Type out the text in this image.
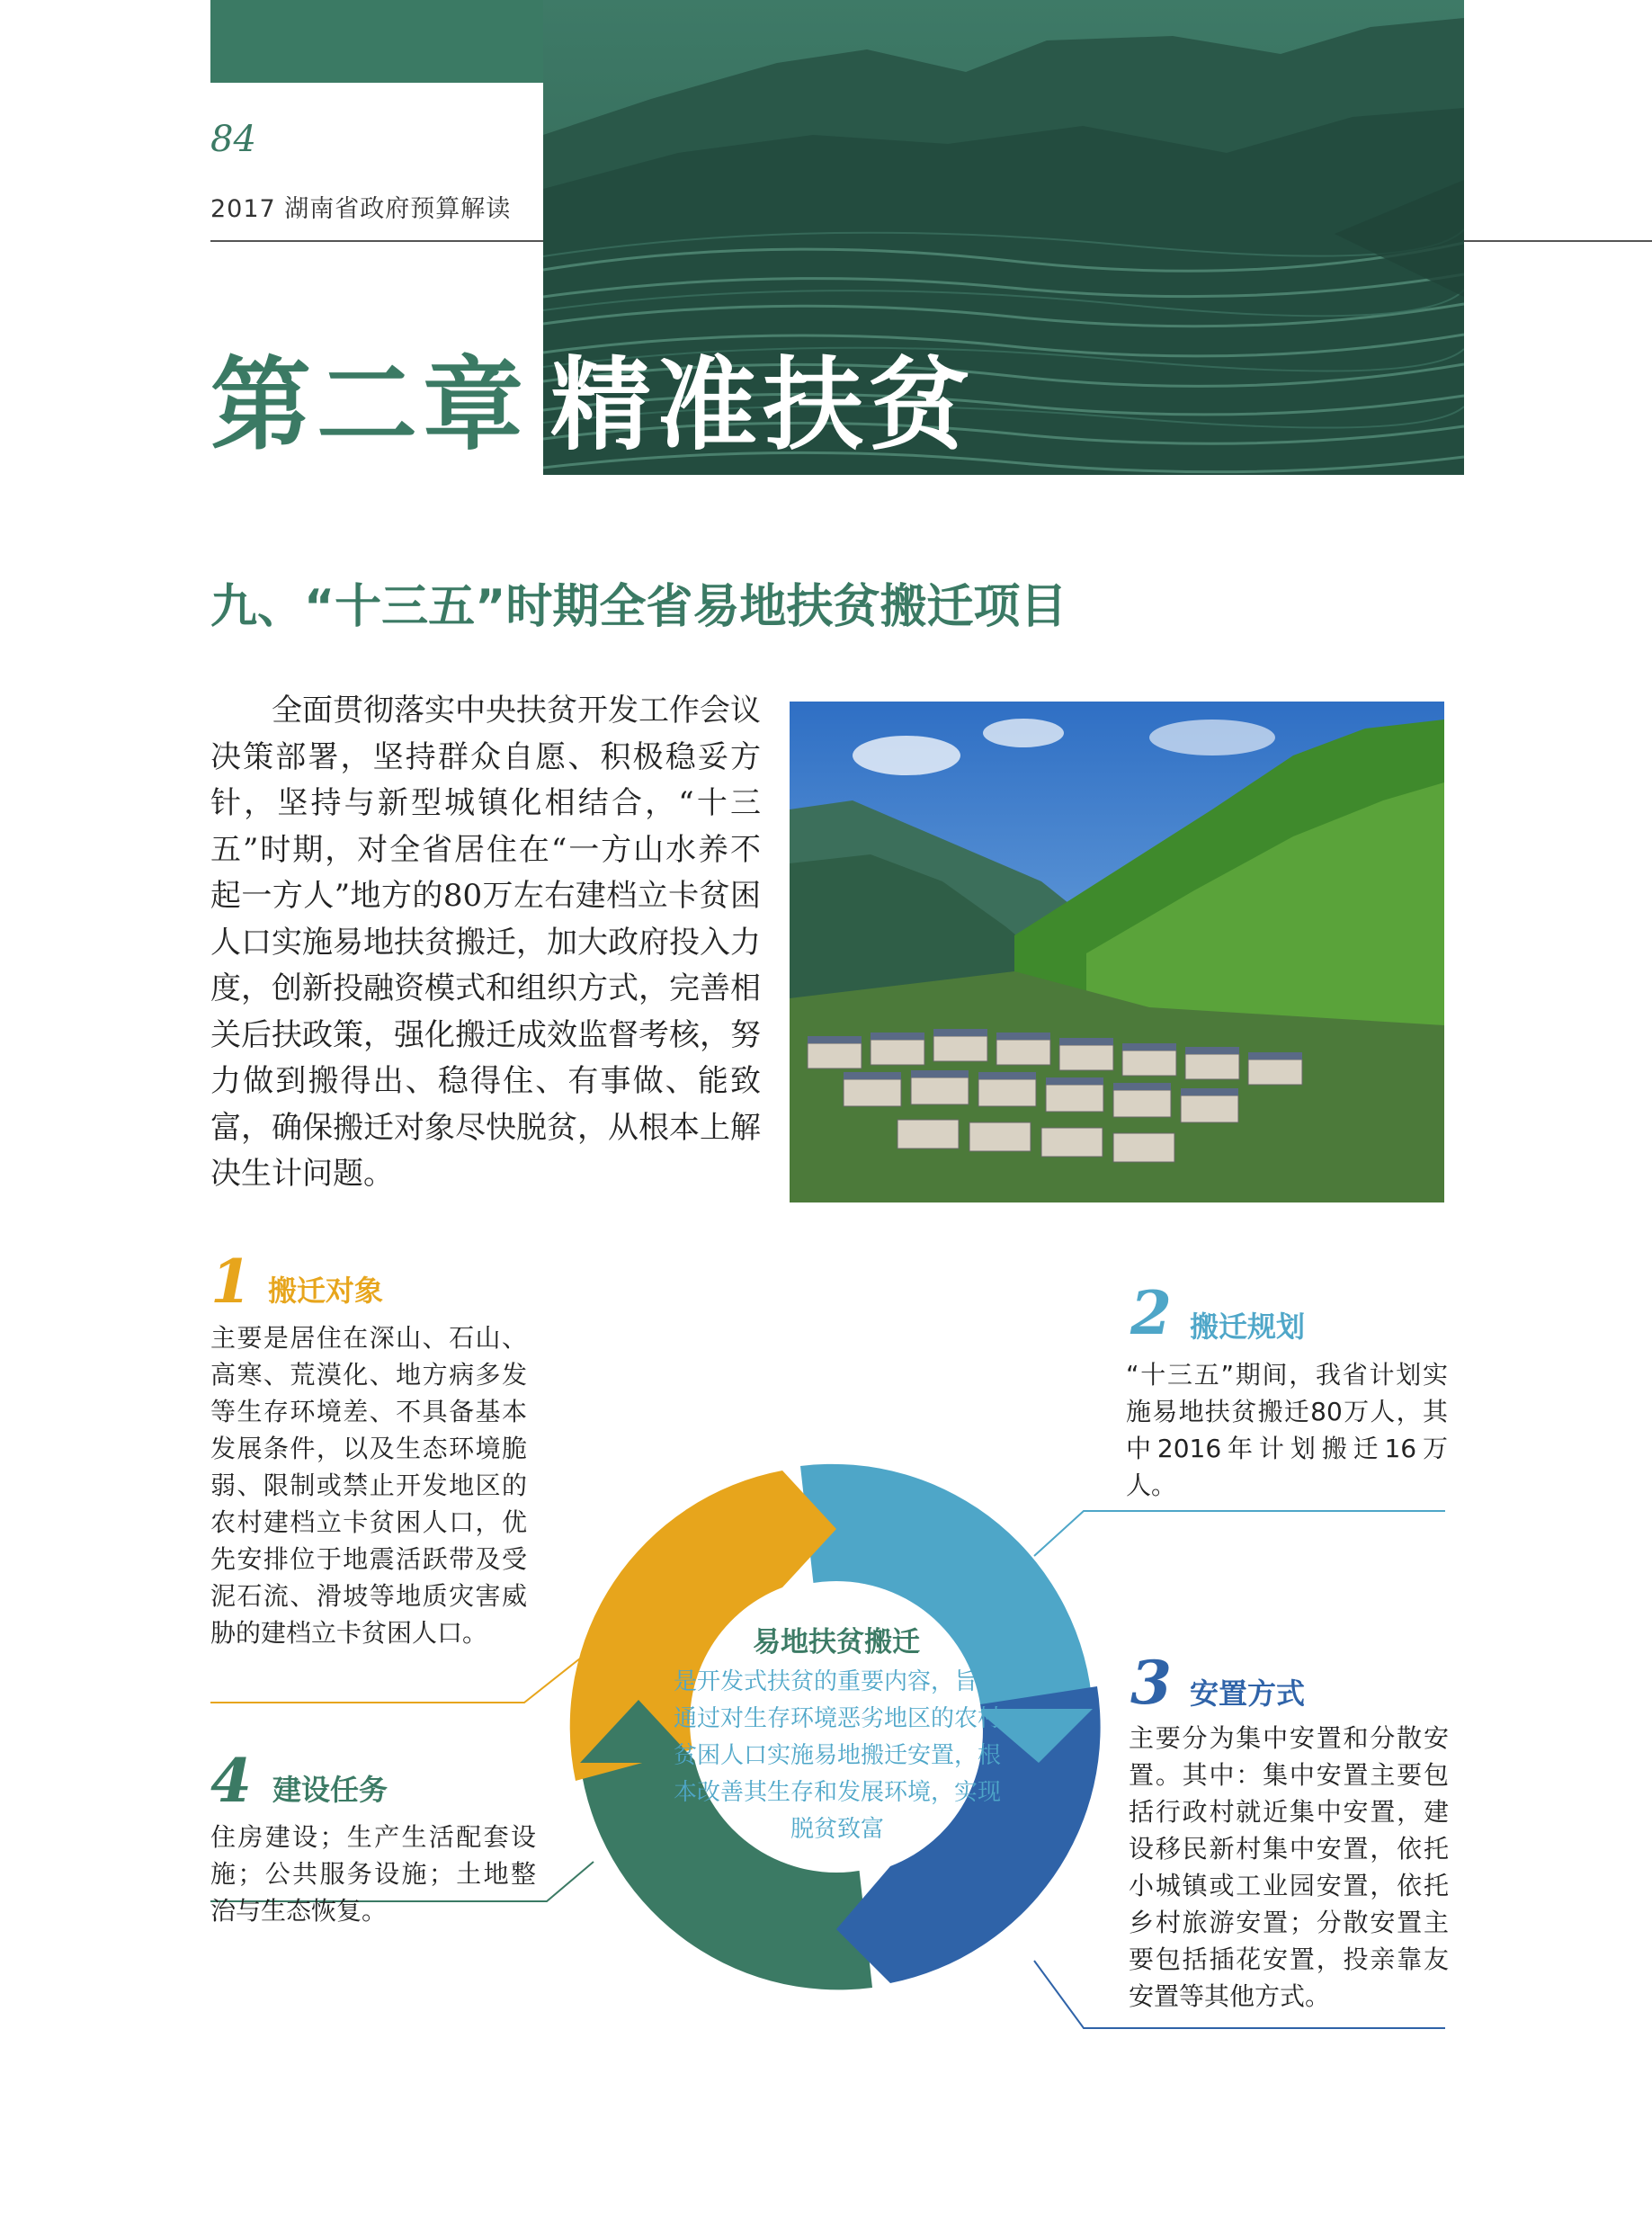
84
2017 湖南省政府预算解读
第二章 精准扶贫
九、“十三五”时期全省易地扶贫搬迁项目
全面贯彻落实中央扶贫开发工作会议决策部署，坚持群众自愿、积极稳妥方针，坚持与新型城镇化相结合，“十三五”时期，对全省居住在“一方山水养不起一方人”地方的80万左右建档立卡贫困人口实施易地扶贫搬迁，加大政府投入力度，创新投融资模式和组织方式，完善相关后扶政策，强化搬迁成效监督考核，努力做到搬得出、稳得住、有事做、能致富，确保搬迁对象尽快脱贫，从根本上解决生计问题。
易地扶贫搬迁
是开发式扶贫的重要内容，旨在通过对生存环境恶劣地区的农村贫困人口实施易地搬迁安置，根本改善其生存和发展环境，实现脱贫致富
1 搬迁对象
主要是居住在深山、石山、高寒、荒漠化、地方病多发等生存环境差、不具备基本发展条件，以及生态环境脆弱、限制或禁止开发地区的农村建档立卡贫困人口，优先安排位于地震活跃带及受泥石流、滑坡等地质灾害威胁的建档立卡贫困人口。
2 搬迁规划
“十三五”期间，我省计划实施易地扶贫搬迁80万人，其中2016年计划搬迁16万人。
3 安置方式
主要分为集中安置和分散安置。其中：集中安置主要包括行政村就近集中安置，建设移民新村集中安置，依托小城镇或工业园安置，依托乡村旅游安置；分散安置主要包括插花安置，投亲靠友安置等其他方式。
4 建设任务
住房建设；生产生活配套设施；公共服务设施；土地整治与生态恢复。
